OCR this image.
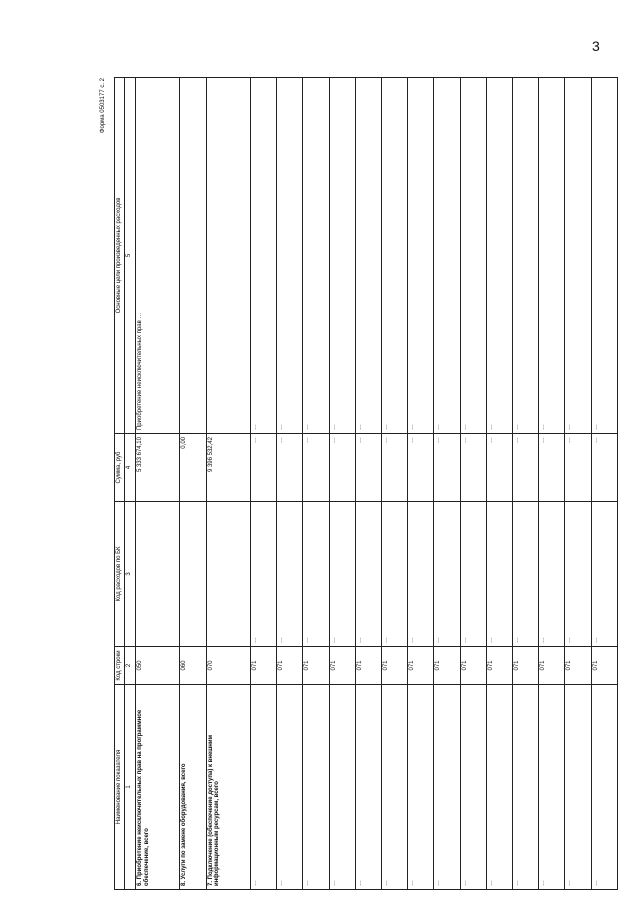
3
Форма 0503177 с. 2
Наименование показателя	Код строки	Код расходов по БК	Сумма, руб	Основные цели произведенных расходов
1	2	3	4	5
6. Приобретение неисключительных прав на программное обеспечение, всего	050		5 333 674,10	Приобретение неисключительных прав …
8. Услуги по замене оборудования, всего	060		0,00	
7. Подключение (обеспечение доступа) к внешним информационным ресурсам, всего	070		9 396 532,42	
…	071	…	…	…
…	071	…	…	…
…	071	…	…	…
…	071	…	…	…
…	071	…	…	…
…	071	…	…	…
…	071	…	…	…
…	071	…	…	…
…	071	…	…	…
…	071	…	…	…
…	071	…	…	…
…	071	…	…	…
…	071	…	…	…
…	071	…	…	…
